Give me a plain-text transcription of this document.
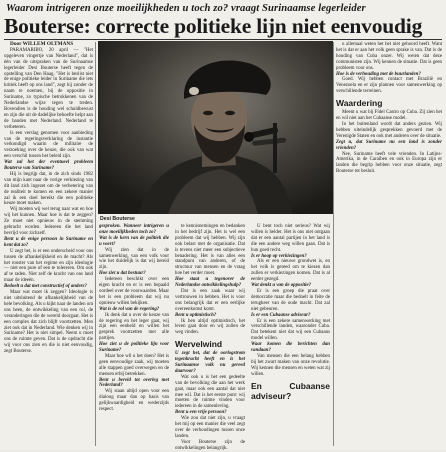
Waarom intrigeren onze moeilijkheden u toch zo? vraagt Surinaamse legerleider
Bouterse: correcte politieke lijn niet eenvoudig

Door WILLEM OLTMANS

PARAMARIBO, 20 april — "Het opgeleven vingertje van Nederland", dat is één van de uitspraken van de Surinaamse legerleider Desi Bouterse heeft tegen de opstelling van Den Haag. "Het is beslist niet de enige politieke leider in Suriname die iets kritiek heeft op ons land", zegt hij zonder de naam te noemen, bij de oppositie in Suriname, zo typische betrokkenen van de Nederlandse wijze tegen te treden. Bovendien is de houding wel schuldbewust en zijn die uit de dadelijke behoefte helpt aan de banden met Nederland. Nederland te verbeteren.

Is een verslag genomen voor aanbieding van de regeringsverklaring de instantie verkondigd waarin de militaire de verzoeking over de keuze, die ook van wat een verschil tussen het beleid zijn.

Wat zal het der eventueel probleem Bouterse van Suriname?

Hij is begrijp dat, in de zich sinds 1982 van mijn kant naar de vorige verkiezing van dit land zich ingezet om de verbetering van de realiteit te komen en een zekere manier zal ik een doel bereikt die een politieke keuze moet maken.

Wij moeten wij wel terug naar wat en hoe wij het kunnen. Maar hoe is dat te zeggen? Ze moet niet opnieuw in de stemming gebracht worden. Iedereen die het land bevrijd voor zichzelf.

Bent u de enige persoon in Suriname en kent dat zo?

U zegt het, is er een onderscheid voor ons tussen de afhankelijkheid en de macht? Als het rooster van het regime en zijn ideologie — niet een pure of een te tolereren. Om ook af te raden. Niet zelf de kracht van ons land maar de ideeën.

Bedoelt u dat met constructief of anders?

Maar wat moet ik zeggen? Ideologie is niet uitsluitend de afhankelijkheid van de hele bevolking. Als u kijkt naar de landen om ons heen, de ontwikkeling van een rol, de veranderingen die de wereld doorgaat. Het is een complex dat zich blijft voortzetten. Men ziet ook dat in Nederland. Wie denken wij in Suriname? Het is niet simpel. Neem u moet ons de ruimte geven. Dat is de opdracht die wij voor ons zien en die is niet eenvoudig, zegt Bouterse.

Desi Bouterse

gesproken. Wanneer intrigeren u onze moeilijkheden toch zo?

Wat is de kern van de politiek die u voert?

Wij zien dat in de samenwerking, van een volk voor wie het duidelijk is dat wij bereid zijn.

Hoe ziet u dat bestuur?

Iedereen beschikt over een eigen kracht en er is een bepaald oordeel over de voorwaarden. Maar het is een probleem dat wij nu opnieuw willen bekijken.

Wat is de rol van de regering?

Ik denk dat u over de keuze van de regering en het leger gaat, wij zijn een eenheid en willen het gesprek voortzetten met alle partijen.

Hoe ziet u de politieke lijn voor Suriname?

Maar hoe wil u het doen? Het is geen eenvoudige zaak, wij moeten alle stappen goed overwegen en de mensen erbij betrekken.

Bent u bereid tot overleg met Nederland?

Wij staan altijd open voor een dialoog maar dan op basis van gelijkwaardigheid en wederzijds respect.

te kennisnemingen en bedanken in het bedrijf zijn. Het is wel een probleem dat wij hebben. Wij zijn ook belast met de organisatie. Dat is tevens niet meer een subjectieve benadering. Het is van alles een standpunt van anderen, of de structuur van mensen en de vraag hoe het verder moet.

Hoe staat u tegenover de Nederlandse ontwikkelingshulp?

Dat is een zaak waar wij vertrouwen in hebben. Het is voor ons belangrijk dat er een eerlijke overeenkomst komt.

Bent u optimistisch?

Ik ben altijd optimistisch, het leven gaat door en wij zullen de weg vinden.

Wervelwind

U zegt het, dat de oorlogstrom tegenkracht heeft en is het Surinaamse volk nu gereed daarvoor?

Wat ook u is het een gedeelte van de bevolking die aan het werk gaat, maar ook een aantal dat niet mee wil. Dat is het eerste punt: wij moeten de ruimte vinden voor iedereen in de samenleving.

Bent u een vrije persoon?

Wie zou dat niet zijn, u vraagt het mij op een manier die veel zegt over de verhoudingen tussen onze landen.

Voor Bouterse zijn de ontwikkelingen belangrijk.

U bent toch niet serieus? Wat wij willen is helder. Het is ons niet ontgaan dat er een aantal partijen in het land is die een andere weg willen gaan. Dat is hun goed recht.

Is er hoop op verkiezingen?

Als er een nieuwe grondwet is, en het volk is gereed om te kiezen dan zullen er verkiezingen komen. Dat is al eerder gezegd.

Wat denkt u van de oppositie?

Er is een groep die praat over democratie maar die bedoelt in feite de terugkeer van de oude macht. Dat zal niet gebeuren.

Is er een Cubaanse adviseur?

Er is een zekere samenwerking met verschillende landen, waaronder Cuba. Dat betekent niet dat wij een Cubaans model willen.

Waar komen die berichten dan vandaan?

Van mensen die een belang hebben bij het zwart maken van onze revolutie. Wij kennen die mensen en weten wat zij willen.

En Cubaanse adviseur?

u allemaal weten het het niet gehoord heeft. Want het is dat er aan het volk geen sprake is van. Dat is de houding van Cuba onzer. Wij weten dat deze communisten zijn. Wij kennen de situatie. Dat is geen probleem voor ons.

Hoe is de verhouding met de buurlanden?

Goed. Wij hebben contact met Brazilië en Venezuela en er zijn plannen voor samenwerking op verschillende terreinen.

Waardering

Meent u wat bij Fidel Castro op Cuba. Zij zien het en wil niet aan het Cubaanse model.

In het buitenland wordt dat anders gezien. Wij hebben uiteindelijk gesprekken gevoerd met de Verenigde Staten en ook met anderen over de situatie.

Zegt u, dat Suriname nu een land is zonder vrienden?

Nee, Suriname heeft vele vrienden. In Latijns-Amerika, in de Caraïben en ook in Europa zijn er landen die begrip hebben voor onze situatie, zegt Bouterse tot besluit.
